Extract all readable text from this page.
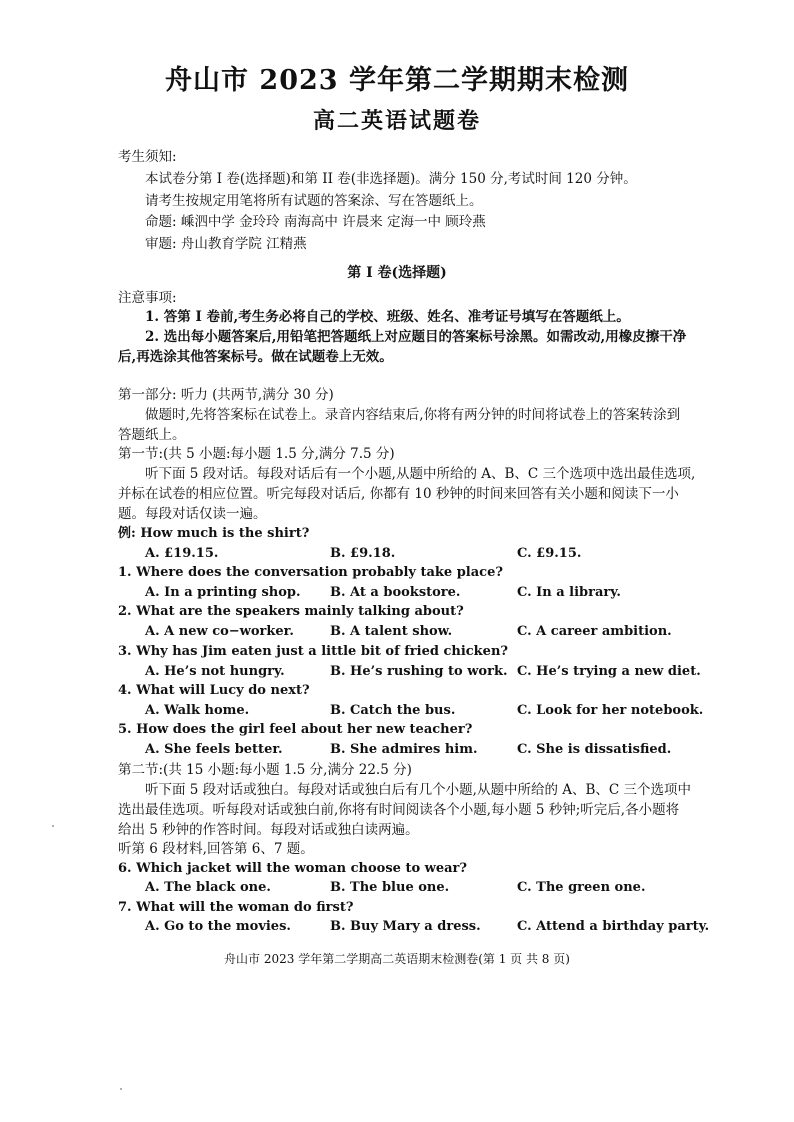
舟山市 2023 学年第二学期期末检测
高二英语试题卷
考生须知:
本试卷分第 I 卷(选择题)和第 II 卷(非选择题)。满分 150 分,考试时间 120 分钟。
请考生按规定用笔将所有试题的答案涂、写在答题纸上。
命题: 嵊泗中学 金玲玲 南海高中 许晨来 定海一中 顾玲燕
审题: 舟山教育学院 江精燕
第 I 卷(选择题)
注意事项:
1. 答第 I 卷前,考生务必将自己的学校、班级、姓名、准考证号填写在答题纸上。
2. 选出每小题答案后,用铅笔把答题纸上对应题目的答案标号涂黑。如需改动,用橡皮擦干净
后,再选涂其他答案标号。做在试题卷上无效。
第一部分: 听力 (共两节,满分 30 分)
做题时,先将答案标在试卷上。录音内容结束后,你将有两分钟的时间将试卷上的答案转涂到
答题纸上。
第一节:(共 5 小题:每小题 1.5 分,满分 7.5 分)
听下面 5 段对话。每段对话后有一个小题,从题中所给的 A、B、C 三个选项中选出最佳选项,
并标在试卷的相应位置。听完每段对话后, 你都有 10 秒钟的时间来回答有关小题和阅读下一小
题。每段对话仅读一遍。
例: How much is the shirt?
A. £19.15.	B. £9.18.	C. £9.15.
1. Where does the conversation probably take place?
A. In a printing shop. B. At a bookstore.	C. In a library.
2. What are the speakers mainly talking about?
A. A new co−worker.	B. A talent show.	C. A career ambition.
3. Why has Jim eaten just a little bit of fried chicken?
A. He’s not hungry.	B. He’s rushing to work. C. He’s trying a new diet.
4. What will Lucy do next?
A. Walk home.	B. Catch the bus.	C. Look for her notebook.
5. How does the girl feel about her new teacher?
A. She feels better.	B. She admires him.	C. She is dissatisfied.
第二节:(共 15 小题:每小题 1.5 分,满分 22.5 分)
听下面 5 段对话或独白。每段对话或独白后有几个小题,从题中所给的 A、B、C 三个选项中
选出最佳选项。听每段对话或独白前,你将有时间阅读各个小题,每小题 5 秒钟;听完后,各小题将
给出 5 秒钟的作答时间。每段对话或独白读两遍。
听第 6 段材料,回答第 6、7 题。
6. Which jacket will the woman choose to wear?
A. The black one.	B. The blue one.	C. The green one.
7. What will the woman do first?
A. Go to the movies.	B. Buy Mary a dress.	C. Attend a birthday party.
舟山市 2023 学年第二学期高二英语期末检测卷(第 1 页 共 8 页)
